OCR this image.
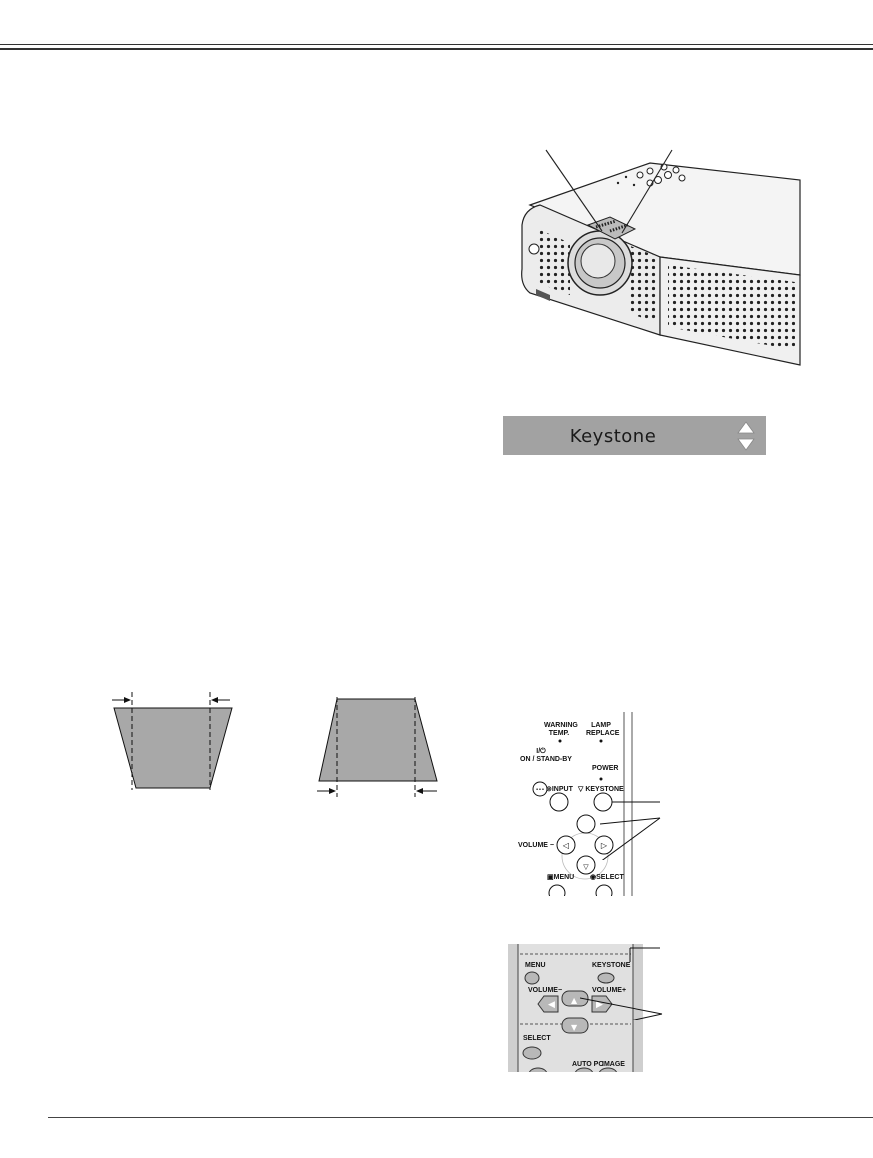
Keystone
•••
◁	▷
▽
WARNING
TEMP.
LAMP
REPLACE
I/⏻
ON / STAND-BY
POWER
⊚INPUT ▽ KEYSTONE
VOLUME −
▣MENU ◉SELECT
◀	▶
▲
▼
MENU	KEYSTONE
VOLUME−	VOLUME+
SELECT
AUTO PC
IMAGE
